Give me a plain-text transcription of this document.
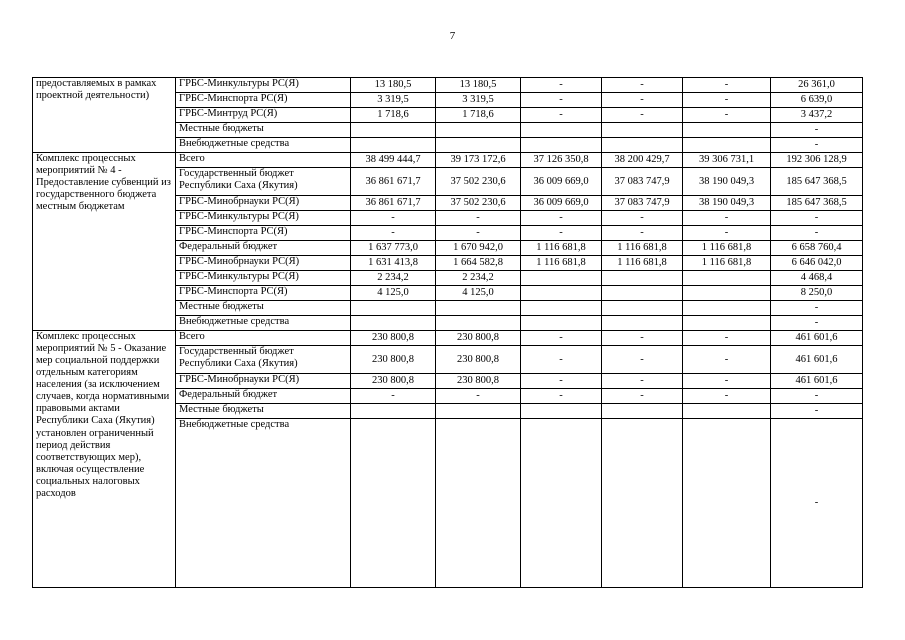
7
предоставляемых в рамках проектной деятельности)	ГРБС-Минкультуры РС(Я)	13 180,5	13 180,5	-	-	-	26 361,0
	ГРБС-Минспорта РС(Я)	3 319,5	3 319,5	-	-	-	6 639,0
	ГРБС-Минтруд РС(Я)	1 718,6	1 718,6	-	-	-	3 437,2
	Местные бюджеты						-
	Внебюджетные средства						-
Комплекс процессных мероприятий № 4 - Предоставление субвенций из государственного бюджета местным бюджетам	Всего	38 499 444,7	39 173 172,6	37 126 350,8	38 200 429,7	39 306 731,1	192 306 128,9
	Государственный бюджет Республики Саха (Якутия)	36 861 671,7	37 502 230,6	36 009 669,0	37 083 747,9	38 190 049,3	185 647 368,5
	ГРБС-Минобрнауки РС(Я)	36 861 671,7	37 502 230,6	36 009 669,0	37 083 747,9	38 190 049,3	185 647 368,5
	ГРБС-Минкультуры РС(Я)	-	-	-	-	-	-
	ГРБС-Минспорта РС(Я)	-	-	-	-	-	-
	Федеральный бюджет	1 637 773,0	1 670 942,0	1 116 681,8	1 116 681,8	1 116 681,8	6 658 760,4
	ГРБС-Минобрнауки РС(Я)	1 631 413,8	1 664 582,8	1 116 681,8	1 116 681,8	1 116 681,8	6 646 042,0
	ГРБС-Минкультуры РС(Я)	2 234,2	2 234,2				4 468,4
	ГРБС-Минспорта РС(Я)	4 125,0	4 125,0				8 250,0
	Местные бюджеты						-
	Внебюджетные средства						-
Комплекс процессных мероприятий № 5 - Оказание мер социальной поддержки отдельным категориям населения (за исключением случаев, когда нормативными правовыми актами Республики Саха (Якутия) установлен ограниченный период действия соответствующих мер), включая осуществление социальных налоговых расходов	Всего	230 800,8	230 800,8	-	-	-	461 601,6
	Государственный бюджет Республики Саха (Якутия)	230 800,8	230 800,8	-	-	-	461 601,6
	ГРБС-Минобрнауки РС(Я)	230 800,8	230 800,8	-	-	-	461 601,6
	Федеральный бюджет	-	-	-	-	-	-
	Местные бюджеты						-
	Внебюджетные средства						-
